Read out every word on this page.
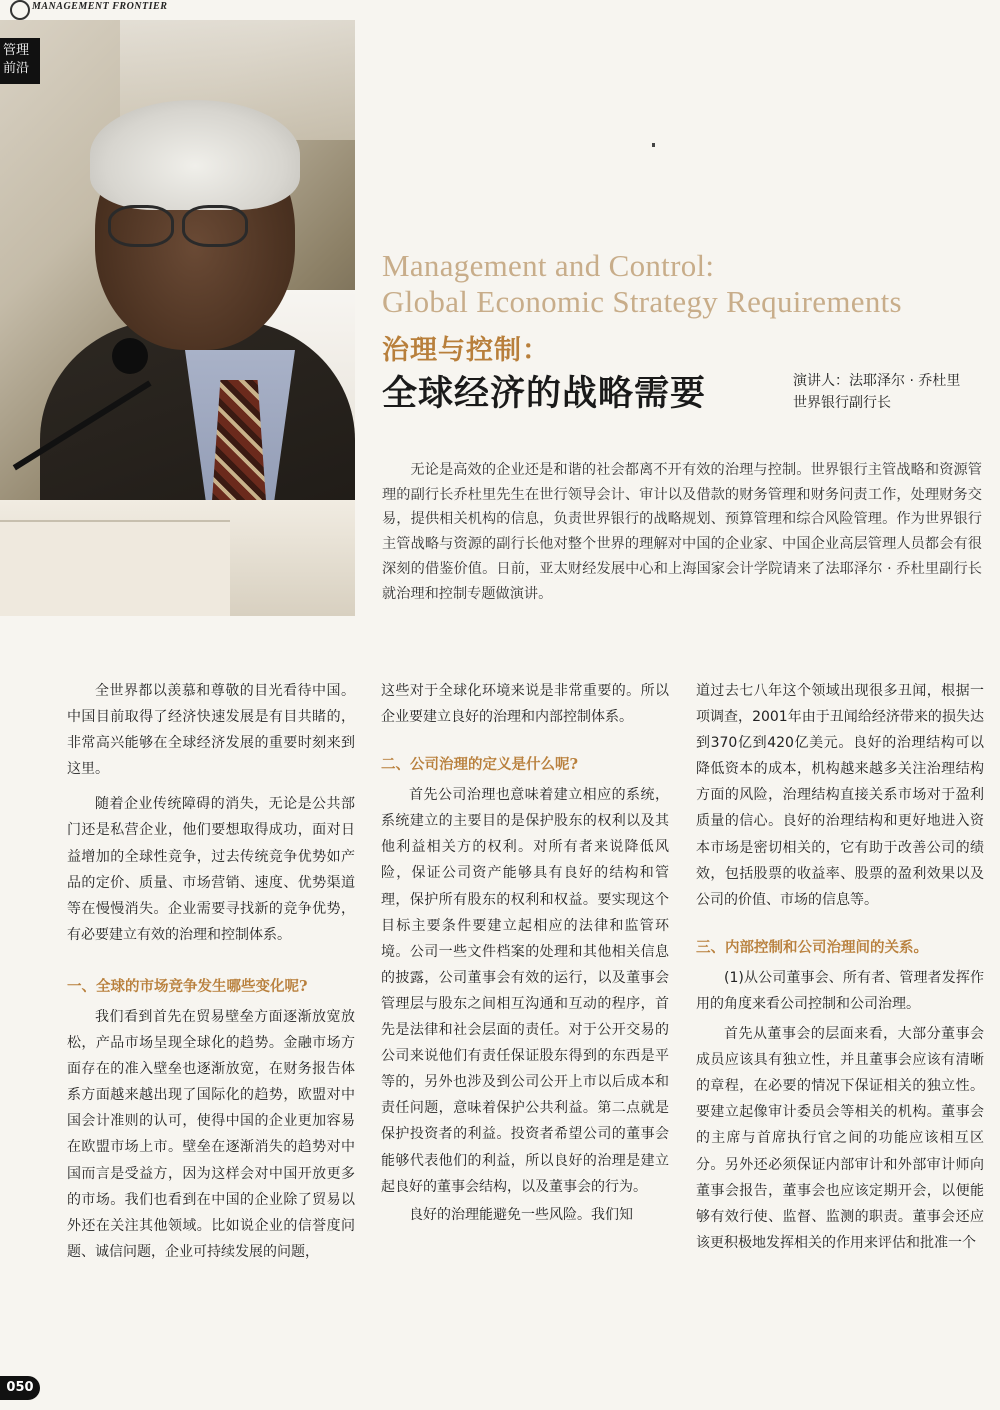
MANAGEMENT FRONTIER
管理
前沿
Management and Control:
Global Economic Strategy Requirements
治理与控制：
全球经济的战略需要	演讲人：法耶泽尔 · 乔杜里
世界银行副行长

无论是高效的企业还是和谐的社会都离不开有效的治理与控制。世界银行主管战略和资源管理的副行长乔杜里先生在世行领导会计、审计以及借款的财务管理和财务问责工作，处理财务交易，提供相关机构的信息，负责世界银行的战略规划、预算管理和综合风险管理。作为世界银行主管战略与资源的副行长他对整个世界的理解对中国的企业家、中国企业高层管理人员都会有很深刻的借鉴价值。日前，亚太财经发展中心和上海国家会计学院请来了法耶泽尔 · 乔杜里副行长就治理和控制专题做演讲。

全世界都以羡慕和尊敬的目光看待中国。中国目前取得了经济快速发展是有目共睹的，非常高兴能够在全球经济发展的重要时刻来到这里。

随着企业传统障碍的消失，无论是公共部门还是私营企业，他们要想取得成功，面对日益增加的全球性竞争，过去传统竞争优势如产品的定价、质量、市场营销、速度、优势渠道等在慢慢消失。企业需要寻找新的竞争优势，有必要建立有效的治理和控制体系。

一、全球的市场竞争发生哪些变化呢?

我们看到首先在贸易壁垒方面逐渐放宽放松，产品市场呈现全球化的趋势。金融市场方面存在的准入壁垒也逐渐放宽，在财务报告体系方面越来越出现了国际化的趋势，欧盟对中国会计准则的认可，使得中国的企业更加容易在欧盟市场上市。壁垒在逐渐消失的趋势对中国而言是受益方，因为这样会对中国开放更多的市场。我们也看到在中国的企业除了贸易以外还在关注其他领域。比如说企业的信誉度问题、诚信问题，企业可持续发展的问题，

这些对于全球化环境来说是非常重要的。所以企业要建立良好的治理和内部控制体系。

二、公司治理的定义是什么呢?

首先公司治理也意味着建立相应的系统，系统建立的主要目的是保护股东的权利以及其他利益相关方的权利。对所有者来说降低风险，保证公司资产能够具有良好的结构和管理，保护所有股东的权利和权益。要实现这个目标主要条件要建立起相应的法律和监管环境。公司一些文件档案的处理和其他相关信息的披露，公司董事会有效的运行，以及董事会管理层与股东之间相互沟通和互动的程序，首先是法律和社会层面的责任。对于公开交易的公司来说他们有责任保证股东得到的东西是平等的，另外也涉及到公司公开上市以后成本和责任问题，意味着保护公共利益。第二点就是保护投资者的利益。投资者希望公司的董事会能够代表他们的利益，所以良好的治理是建立起良好的董事会结构，以及董事会的行为。

良好的治理能避免一些风险。我们知

道过去七八年这个领域出现很多丑闻，根据一项调查，2001年由于丑闻给经济带来的损失达到370亿到420亿美元。良好的治理结构可以降低资本的成本，机构越来越多关注治理结构方面的风险，治理结构直接关系市场对于盈利质量的信心。良好的治理结构和更好地进入资本市场是密切相关的，它有助于改善公司的绩效，包括股票的收益率、股票的盈利效果以及公司的价值、市场的信息等。

三、内部控制和公司治理间的关系。

(1)从公司董事会、所有者、管理者发挥作用的角度来看公司控制和公司治理。

首先从董事会的层面来看，大部分董事会成员应该具有独立性，并且董事会应该有清晰的章程，在必要的情况下保证相关的独立性。要建立起像审计委员会等相关的机构。董事会的主席与首席执行官之间的功能应该相互区分。另外还必须保证内部审计和外部审计师向董事会报告，董事会也应该定期开会，以便能够有效行使、监督、监测的职责。董事会还应该更积极地发挥相关的作用来评估和批准一个

050
